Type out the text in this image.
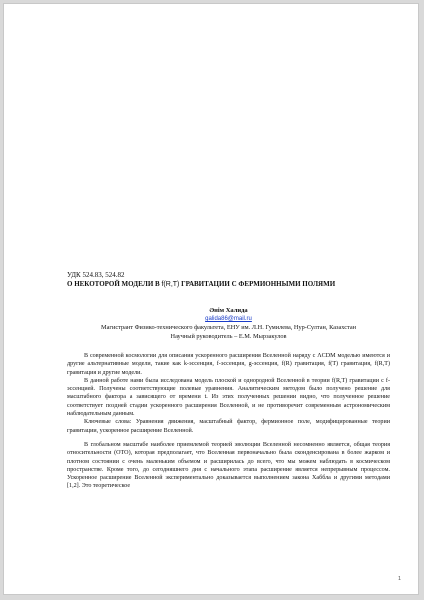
УДК 524.83, 524.82

О НЕКОТОРОЙ МОДЕЛИ В f(R,T) ГРАВИТАЦИИ С ФЕРМИОННЫМИ ПОЛЯМИ

Әнім Халида
galida86@mail.ru
Магистрант Физико-технического факультета, ЕНУ им. Л.Н. Гумилева, Нур-Султан, Казахстан
Научный руководитель – Е.М. Мырзакулов

В современной космологии для описания ускоренного расширения Вселенной наряду с ΛCDM моделью имеются и другие альтернативные модели, такие как k-эссенция, f-эссенция, g-эссенция, f(R) гравитация, f(T) гравитация, f(R,T) гравитация и другие модели.

В данной работе нами была исследована модель плоской и однородной Вселенной в теории f(R,T) гравитации с f-эссенцией. Получены соответствующие полевые уравнения. Аналитическим методом было получено решение для масштабного фактора a зависящего от времени t. Из этих полученных решении видно, что полученное решение соответствует поздней стадии ускоренного расширения Вселенной, и не противоречит современным астрономическим наблюдательным данным.

Ключевые слова: Уравнения движения, масштабный фактор, фермионное поле, модифицированные теории гравитации, ускоренное расширение Вселенной.

В глобальном масштабе наиболее приемлемой теорией эволюции Вселенной несомненно является, общая теория относительности (ОТО), которая предполагает, что Вселенная первоначально была сконденсирована в более жарком и плотном состоянии с очень маленьким объемом и расширилась до всего, что мы можем наблюдать в космическом пространстве. Кроме того, до сегодняшнего дня с начального этапа расширение является непрерывным процессом. Ускоренное расширение Вселенной экспериментально доказывается выполнением закона Хаббла и другими методами [1,2]. Это теоретическое

1
